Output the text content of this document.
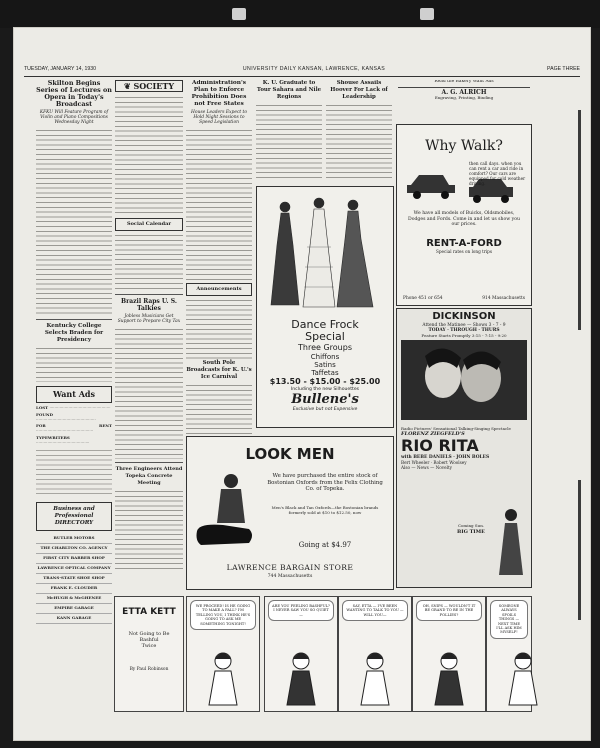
TUESDAY, JANUARY 14, 1930	UNIVERSITY DAILY KANSAN, LAWRENCE, KANSAS	PAGE THREE
Skilton Begins Series of Lectures on Opera in Today's Broadcast
KFKU Will Feature Program of Violin and Piano Compositions Wednesday Night
Kentucky College Selects Braden for Presidency
Want Ads

LOST ················································

FOUND ···············································

FOR RENT ·············································

TYPEWRITERS ··········································

Business and Professional DIRECTORY
BUTLER MOTORS
THE CHARLTON CO. AGENCY
FIRST CITY BARBER SHOP
LAWRENCE OPTICAL COMPANY
TRANS-STATE SHOE SHOP
FRANK E. CLOUDER
McHUGH & McGHENEE
EMPIRE GARAGE
KANN GARAGE
❦ SOCIETY
Social Calendar
Brazil Raps U. S. Talkies
Jobless Musicians Get Support to Prepare City Tax
Three Engineers Attend Topeka Concrete Meeting
Administration's Plan to Enforce Prohibition Does not Free States
House Leaders Expect to Hold Night Sessions to Speed Legislation
Announcements
South Pole Broadcasts for K. U.'s Ice Carnival
K. U. Graduate to Tour Sahara and Nile Regions
Shouse Assails Hoover For Lack of Leadership
Read the Bakery Want Ads
A. G. ALRICH
Engraving, Printing, Binding
Dance Frock
Special
Three Groups
Chiffons
Satins
Taffetas
$13.50 - $15.00 - $25.00
Including the new Silhouettes
Bullene's
Exclusive but not Expensive
Why Walk?
then call days. when you can rent a car and ride in comfort? Our cars are equipped for cold weather driving.
We have all models of Buicks, Oldsmobiles, Dodges and Fords. Come in and let us show you our prices.
RENT-A-FORD
Special rates on long trips
Phone 451 or 654	914 Massachusetts
DICKINSON
Attend the Matinee — Shows 3 - 7 - 9
TODAY · THROUGH · THURS
Feature Starts Promptly 3:15 - 7:15 - 9:20
Radio Pictures' Sensational Talking-Singing Spectacle
FLORENZ ZIEGFELD'S
RIO RITA
with BEBE DANIELS · JOHN BOLES
Bert Wheeler · Robert Woolsey
Also — News — Novelty
Coming Sun.
BIG TIME
LOOK MEN
We have purchased the entire stock of Bostonian Oxfords from the Felix Clothing Co. of Topeka.
Men's Black and Tan Oxfords—the Bostonian brands formerly sold at $10 to $12.50, now
Going at $4.97
LAWRENCE BARGAIN STORE
744 Massachusetts
ETTA KETT
Not Going to Be Bashful
Twice
By Paul Robinson
WE PROCEED! IS HE GOING TO MAKE A FALL? I'M TELLING YOU, I THINK HE'S GOING TO ASK ME SOMETHING TONIGHT!
ARE YOU FEELING BASHFUL? I NEVER SAW YOU SO QUIET—
SAY, ETTA — I'VE BEEN WANTING TO TALK TO YOU — WILL YOU—
OH, SNIPS — WOULDN'T IT BE GRAND TO BE IN THE FOLLIES?
SOMEONE ALWAYS SPOILS THINGS — NEXT TIME I'LL ASK HIM MYSELF!
